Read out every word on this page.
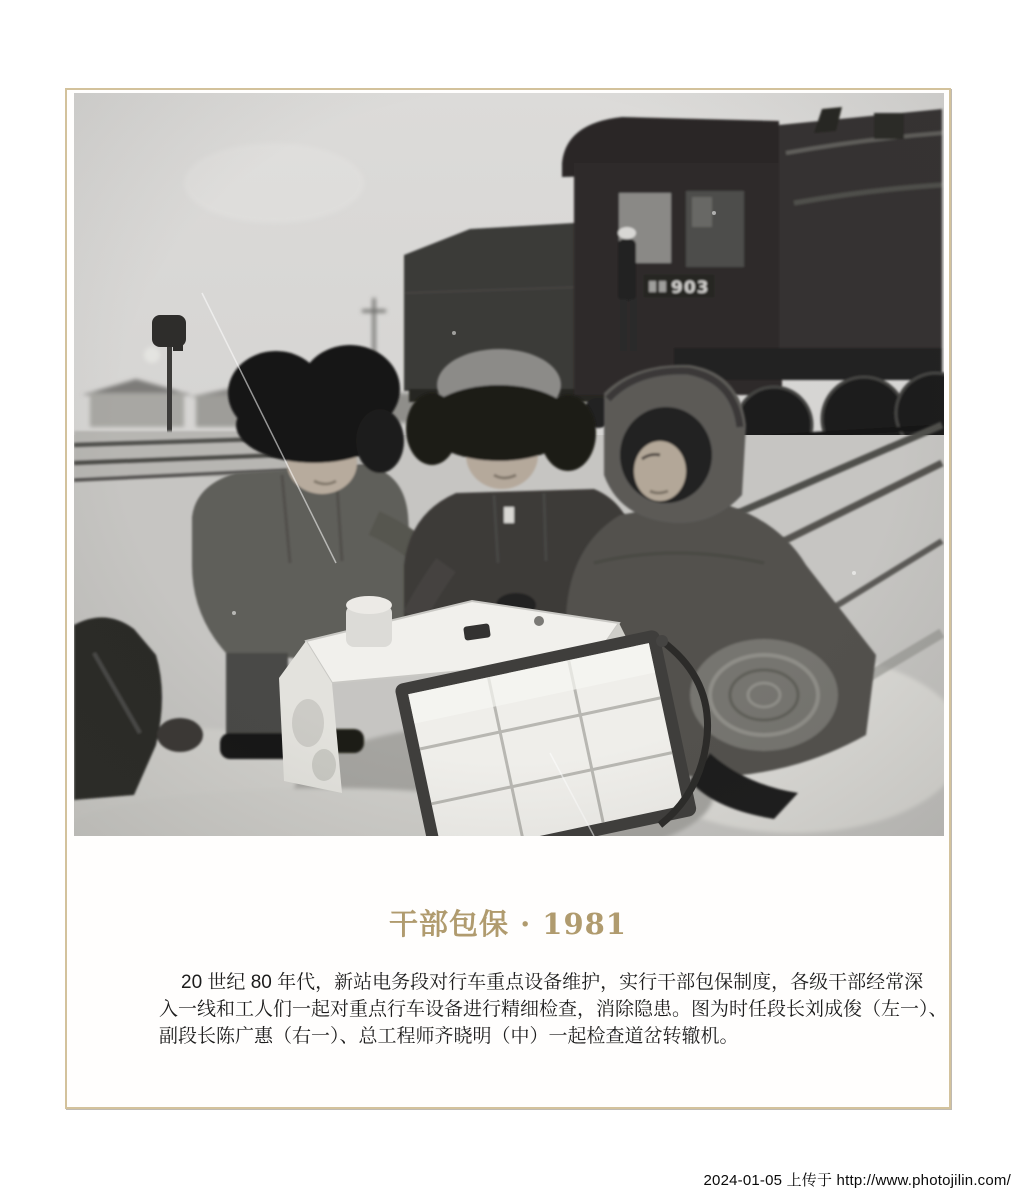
干部包保 · 1981
20 世纪 80 年代，新站电务段对行车重点设备维护，实行干部包保制度，各级干部经常深
入一线和工人们一起对重点行车设备进行精细检查，消除隐患。图为时任段长刘成俊（左一）、
副段长陈广惠（右一）、总工程师齐晓明（中）一起检查道岔转辙机。
2024-01-05 上传于 http://www.photojilin.com/
